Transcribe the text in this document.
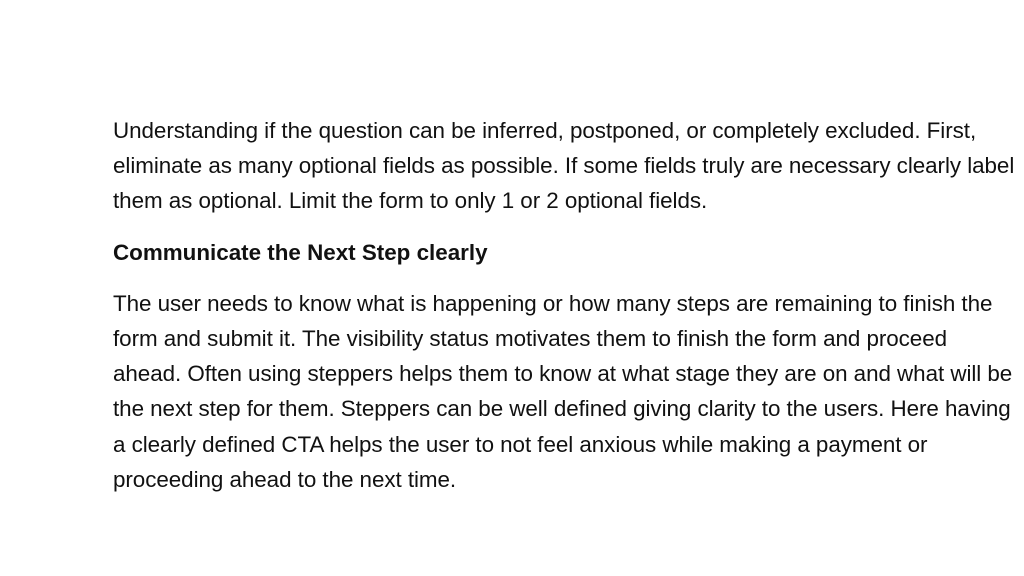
Understanding if the question can be inferred, postponed, or completely excluded. First, eliminate as many optional fields as possible. If some fields truly are necessary clearly label them as optional. Limit the form to only 1 or 2 optional fields.

Communicate the Next Step clearly

The user needs to know what is happening or how many steps are remaining to finish the form and submit it. The visibility status motivates them to finish the form and proceed ahead. Often using steppers helps them to know at what stage they are on and what will be the next step for them. Steppers can be well defined giving clarity to the users. Here having a clearly defined CTA helps the user to not feel anxious while making a payment or proceeding ahead to the next time.
